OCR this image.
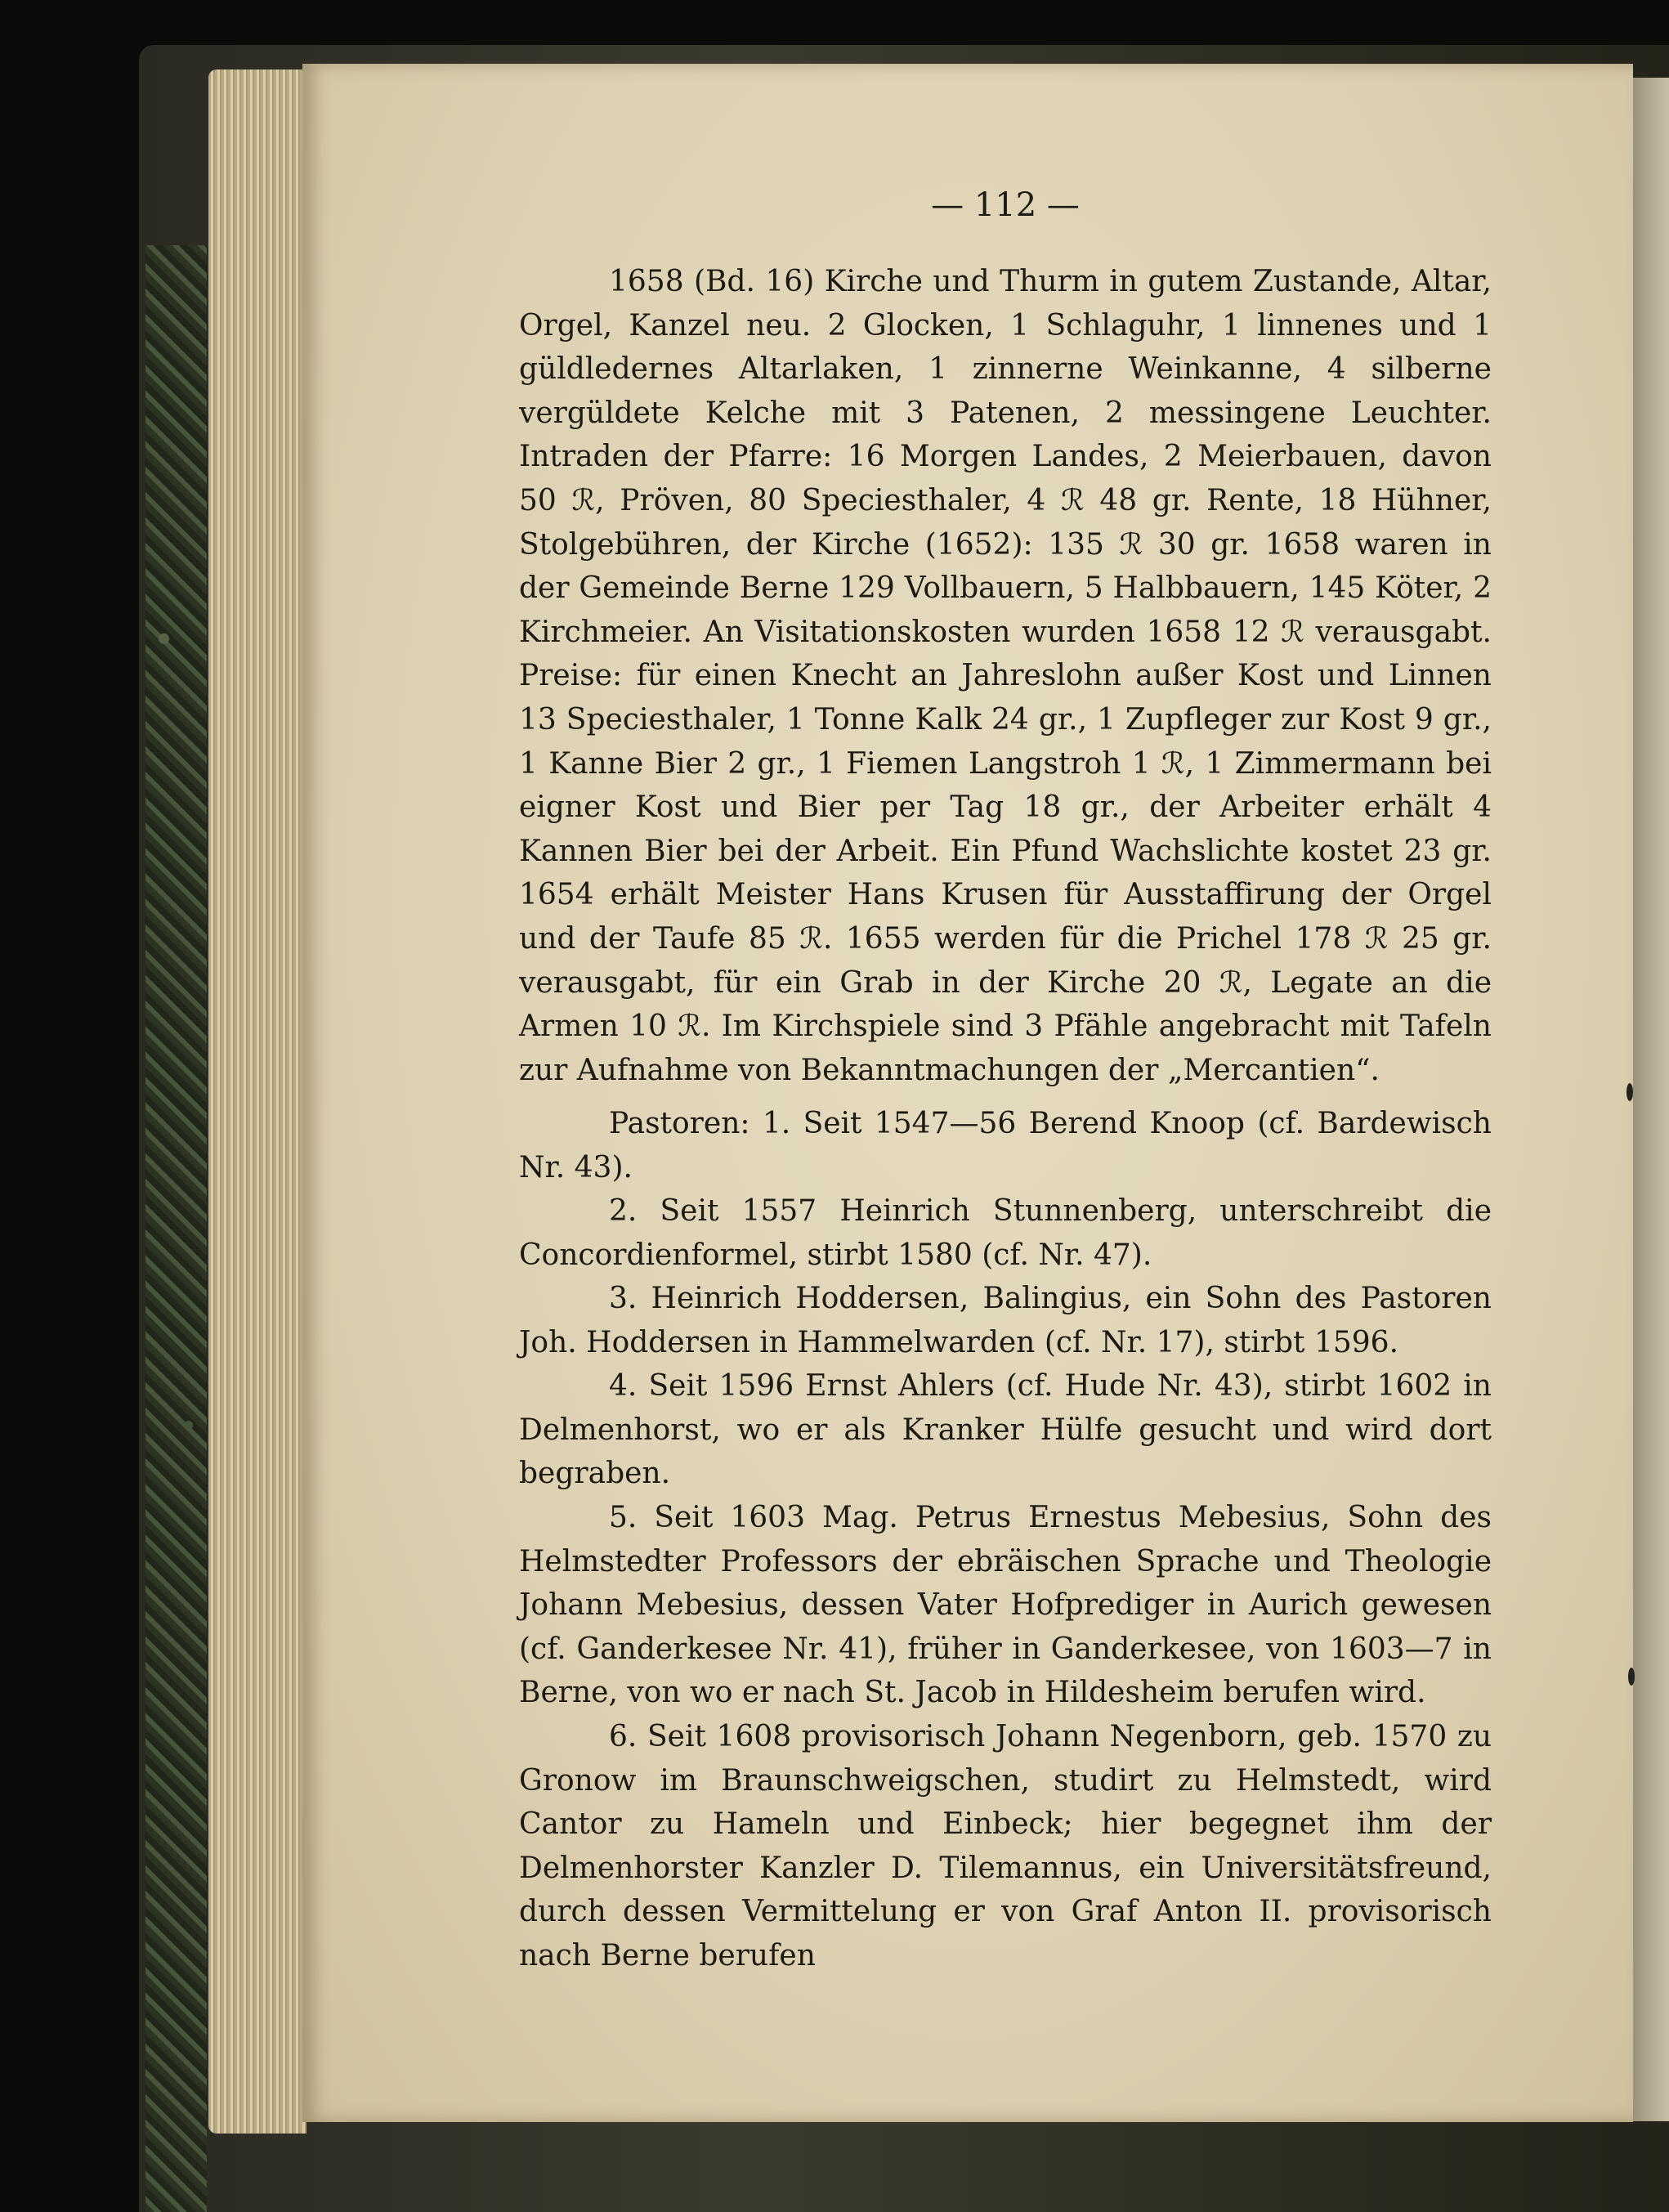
— 112 —
1658 (Bd. 16) Kirche und Thurm in gutem Zustande, Altar, Orgel, Kanzel neu. 2 Glocken, 1 Schlaguhr, 1 linnenes und 1 güldledernes Altarlaken, 1 zinnerne Weinkanne, 4 silberne vergüldete Kelche mit 3 Patenen, 2 messingene Leuchter. Intraden der Pfarre: 16 Morgen Landes, 2 Meierbauen, davon 50 ℛ︀, Pröven, 80 Speciesthaler, 4 ℛ︀ 48 gr. Rente, 18 Hühner, Stolgebühren, der Kirche (1652): 135 ℛ︀ 30 gr. 1658 waren in der Gemeinde Berne 129 Vollbauern, 5 Halbbauern, 145 Köter, 2 Kirchmeier. An Visitationskosten wurden 1658 12 ℛ︀ verausgabt. Preise: für einen Knecht an Jahreslohn außer Kost und Linnen 13 Speciesthaler, 1 Tonne Kalk 24 gr., 1 Zupfleger zur Kost 9 gr., 1 Kanne Bier 2 gr., 1 Fiemen Langstroh 1 ℛ︀, 1 Zimmermann bei eigner Kost und Bier per Tag 18 gr., der Arbeiter erhält 4 Kannen Bier bei der Arbeit. Ein Pfund Wachslichte kostet 23 gr. 1654 erhält Meister Hans Krusen für Ausstaffirung der Orgel und der Taufe 85 ℛ︀. 1655 werden für die Prichel 178 ℛ︀ 25 gr. verausgabt, für ein Grab in der Kirche 20 ℛ︀, Legate an die Armen 10 ℛ︀. Im Kirchspiele sind 3 Pfähle angebracht mit Tafeln zur Aufnahme von Bekanntmachungen der „Mercantien“.
Pastoren: 1. Seit 1547—56 Berend Knoop (cf. Bardewisch Nr. 43).
2. Seit 1557 Heinrich Stunnenberg, unterschreibt die Concordienformel, stirbt 1580 (cf. Nr. 47).
3. Heinrich Hoddersen, Balingius, ein Sohn des Pastoren Joh. Hoddersen in Hammelwarden (cf. Nr. 17), stirbt 1596.
4. Seit 1596 Ernst Ahlers (cf. Hude Nr. 43), stirbt 1602 in Delmenhorst, wo er als Kranker Hülfe gesucht und wird dort begraben.
5. Seit 1603 Mag. Petrus Ernestus Mebesius, Sohn des Helmstedter Professors der ebräischen Sprache und Theologie Johann Mebesius, dessen Vater Hofprediger in Aurich gewesen (cf. Ganderkesee Nr. 41), früher in Ganderkesee, von 1603—7 in Berne, von wo er nach St. Jacob in Hildesheim berufen wird.
6. Seit 1608 provisorisch Johann Negenborn, geb. 1570 zu Gronow im Braunschweigschen, studirt zu Helmstedt, wird Cantor zu Hameln und Einbeck; hier begegnet ihm der Delmenhorster Kanzler D. Tilemannus, ein Universitätsfreund, durch dessen Vermittelung er von Graf Anton II. provisorisch nach Berne berufen
